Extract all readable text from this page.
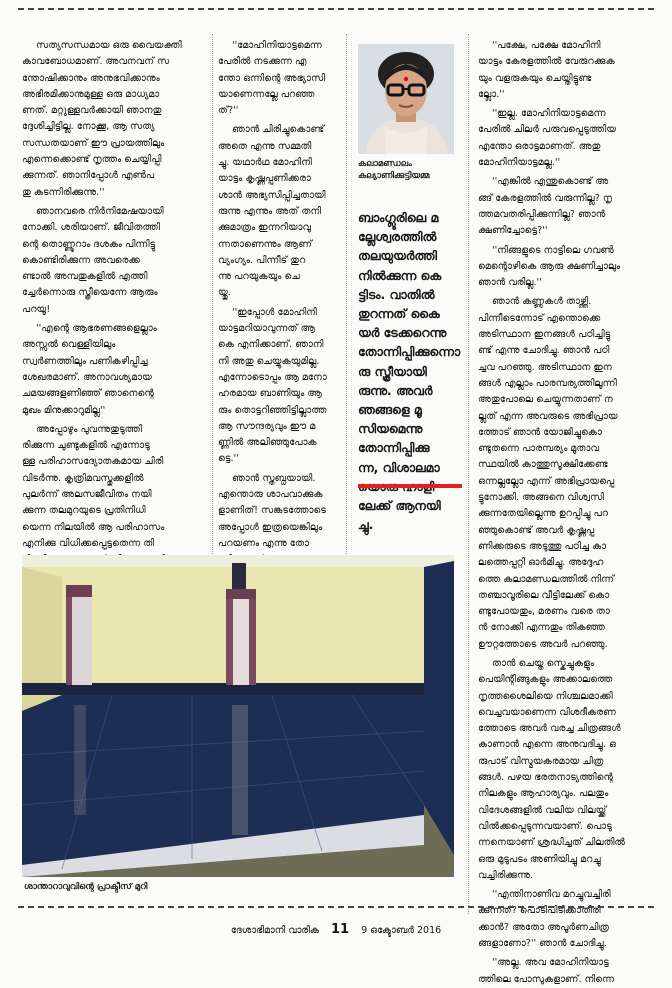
സത്യസന്ധമായ ഒരു വൈയക്തി
കാവബോധമാണ്. അവനവന് സ
ന്തോഷിക്കാനും അനുഭവിക്കാനും
അഭിരമിക്കാനുമുള്ള ഒരു മാധ്യമാ
ണത്. മറ്റുള്ളവർക്കായി ഞാനതു
ദ്ദേശിച്ചിട്ടില്ല. നോക്കൂ, ആ സത്യ
സന്ധതയാണ് ഈ പ്രായത്തിലും
എന്നെക്കൊണ്ട് നൃത്തം ചെയ്യിപ്പി
ക്കുന്നത്. ഞാനിപ്പോൾ എൺപ
തു കടന്നിരിക്കുന്നു.''

ഞാനവരെ നിർനിമേഷയായി
നോക്കി. ശരിയാണ്. ജീവിതത്തി
ന്റെ തൊണ്ണൂറാം ദശകം പിന്നിട്ടു
കൊണ്ടിരിക്കുന്ന അവരെക്ക
ണ്ടാൽ അമ്പതുകളിൽ എത്തി
ച്ചേർന്നൊരു സ്ത്രീയെന്നേ ആരും
പറയൂ!

''എന്റെ ആഭരണങ്ങളെല്ലാം
അസ്സൽ വെള്ളിയിലും
സ്വർണത്തിലും പണികഴിപ്പിച്ച
ശേഖരമാണ്. അനാവശ്യമായ
ചമയങ്ങളണിഞ്ഞ് ഞാനെന്റെ
മുഖം മിനുക്കാറുമില്ല''

അപ്പോഴും പുവന്നുതുടുത്തി
രിക്കുന്ന ചുണ്ടുകളിൽ എന്നോടു
ള്ള പരിഹാസദ്യോതകമായ ചിരി
വിടർന്നു. കൃത്രിമവസ്തുക്കളിൽ
പുലർന്ന് അലസജീവിതം നയി
ക്കുന്ന തലമുറയുടെ പ്രതിനിധി
യെന്ന നിലയിൽ ആ പരിഹാസം
എനിക്കു വിധിക്കപ്പെട്ടതെന്ന തി

''മോഹിനിയാട്ടമെന്ന
പേരിൽ നടക്കുന്ന എ
ന്തോ ഒന്നിന്റെ അഭ്യാസി
യാണെന്നല്ലേ പറഞ്ഞ
ത്?''

ഞാൻ ചിരിച്ചുകൊണ്ട്
അതെ എന്നു സമ്മതി
ച്ചു. യഥാർഥ മോഹിനി
യാട്ടം കൃഷ്ണപ്പണിക്കരാ
ശാൻ അഭ്യസിപ്പിച്ചതായി
രുന്നു എന്നും അത് തനി
ക്കുമാത്രം ഇന്നറിയാവു
ന്നതാണെന്നും ആണ്
വ്യംഗ്യം. പിന്നീട് തുറ
ന്നു പറയുകയും ചെ
യ്തു.

''ഇപ്പോൾ മോഹിനി
യാട്ടമറിയാവുന്നത് ആ
കെ എനിക്കാണ്. ഞാനി
നി അതു ചെയ്യുകയുമില്ല.
എന്നോടൊപ്പം ആ മനോ
ഹരമായ ബാണിയും ആ
രും തൊട്ടറിഞ്ഞിട്ടില്ലാത്ത
ആ സൗന്ദര്യവും ഈ മ
ണ്ണിൽ അലിഞ്ഞുപോക
ട്ടെ.''

ഞാൻ സ്തബ്ധയായി.
എന്തൊരു ശാപവാക്കുക
ളാണിത്! സങ്കടത്തോടെ
അപ്പോൾ ഇത്രയെങ്കിലും
പറയണം എന്നു തോ

കലാമണ്ഡലം
കല്യാണിക്കുട്ടിയമ്മ
ബാംഗ്ലൂരിലെ മ
ല്ലേശ്വരത്തിൽ
തലയുയർത്തി
നിൽക്കുന്ന കെ
ട്ടിടം. വാതിൽ
തുറന്നത് കൈ
യർ ടേക്കറെന്നു
തോന്നിപ്പിക്കുന്നൊ
രു സ്ത്രീയായി
രുന്നു. അവർ
ഞങ്ങളെ മൂ
സിയമെന്നു
തോന്നിപ്പിക്കു
ന്ന, വിശാലമാ

ലേക്ക് ആനയി
ച്ചു.

''പക്ഷേ, പക്ഷേ മോഹിനി
യാട്ടം കേരളത്തിൽ വേരുറക്കുക
യും വളരുകയും ചെയ്തിട്ടുണ്ട
ല്ലോ.''

''ഇല്ല. മോഹിനിയാട്ടമെന്ന
പേരിൽ ചിലർ പരുവപ്പെടുത്തിയ
എന്തോ ഒരാട്ടമാണത്. അതു
മോഹിനിയാട്ടമല്ല.''

''എങ്കിൽ എന്തുകൊണ്ട് അ
ങ്ങ് കേരളത്തിൽ വരുന്നില്ല? നൃ
ത്തമവതരിപ്പിക്കുന്നില്ല? ഞാൻ
ക്ഷണിച്ചോട്ടെ?''

''നിങ്ങളുടെ നാട്ടിലെ ഗവൺ
മെന്റൊഴികെ ആരു ക്ഷണിച്ചാലും
ഞാൻ വരില്ല.''

ഞാൻ കണ്ണുകൾ താഴ്ത്തി.
പിന്നീടെന്നോട് എന്തൊക്കെ
അടിസ്ഥാന ഇനങ്ങൾ പഠിച്ചിട്ടു
ണ്ട് എന്നു ചോദിച്ചു. ഞാൻ പഠി
ച്ചവ പറഞ്ഞു. അടിസ്ഥാന ഇന
ങ്ങൾ എല്ലാം പാരമ്പര്യത്തിലൂന്നി
അതുപോലെ ചെയ്യുന്നതാണ് ന
ല്ലത് എന്ന അവരുടെ അഭിപ്രായ
ത്തോട് ഞാൻ യോജിച്ചുകൊ
ണ്ടുതന്നെ പാരമ്പര്യം മൂതാവ
സ്ഥയിൽ കാത്തുസൂക്ഷിക്കേണ്ട
ഒന്നല്ലല്ലോ എന്ന് അഭിപ്രായപ്പെ
ട്ടുനോക്കി. അങ്ങനെ വിശ്വസി
ക്കുന്നതേയില്ലെന്നു ഉറപ്പിച്ചു പറ
ഞ്ഞുകൊണ്ട് അവർ കൃഷ്ണപ്പ
ണിക്കരുടെ അടുത്തു പഠിച്ച കാ
ലത്തെപ്പറ്റി ഓർമിച്ചു. അദ്ദേഹ
ത്തെ കലാമണ്ഡലത്തിൽ നിന്ന്
തഞ്ചാവൂരിലെ വീട്ടിലേക്ക് കൊ
ണ്ടുപോയതും, മരണം വരെ താ
ൻ നോക്കി എന്നതും തികഞ്ഞ
ഊറ്റത്തോടെ അവർ പറഞ്ഞു.

താൻ ചെയ്ത സ്കെച്ചുകളും
പെയിന്റിങ്ങുകളും അക്കാലത്തെ
നൃത്തശൈലിയെ നിശ്ചലമാക്കി
വെച്ചവയാണെന്ന വിശദീകരണ
ത്തോടെ അവർ വരച്ച ചിത്രങ്ങൾ
കാണാൻ എന്നെ അനുവദിച്ചു. ഒ
രുപാട് വിസ്മയകരമായ ചിത്ര
ങ്ങൾ. പഴയ ഭരതനാട്യത്തിന്റെ
നിലകളും ആഹാര്യവും. പലതും
വിദേശങ്ങളിൽ വലിയ വിലയ്ക്ക്
വിൽക്കപ്പെടുന്നവയാണ്. പൊടു
ന്നനെയാണ് ശ്രദ്ധിച്ചത് ചിലതിൽ
ഒരു മുടുപടം അണിയിച്ചു മറച്ചു
വച്ചിരിക്കുന്നു.

''എന്തിനാണിവ മറച്ചുവച്ചിരി
ക്കുന്നത്? പൊടിപിടിക്കാതിരി
ക്കാൻ? അതോ അപൂർണചിത്ര
ങ്ങളാണോ?'' ഞാൻ ചോദിച്ചു.

''അല്ല. അവ മോഹിനിയാട്ട
ത്തിലെ പോസുകളാണ്. നിന്നെ

ശാന്താറാവുവിന്റെ പ്രാക്ടീസ് മുറി
ദേശാഭിമാനി വാരിക 11 9 ഒക്ടോബർ 2016
